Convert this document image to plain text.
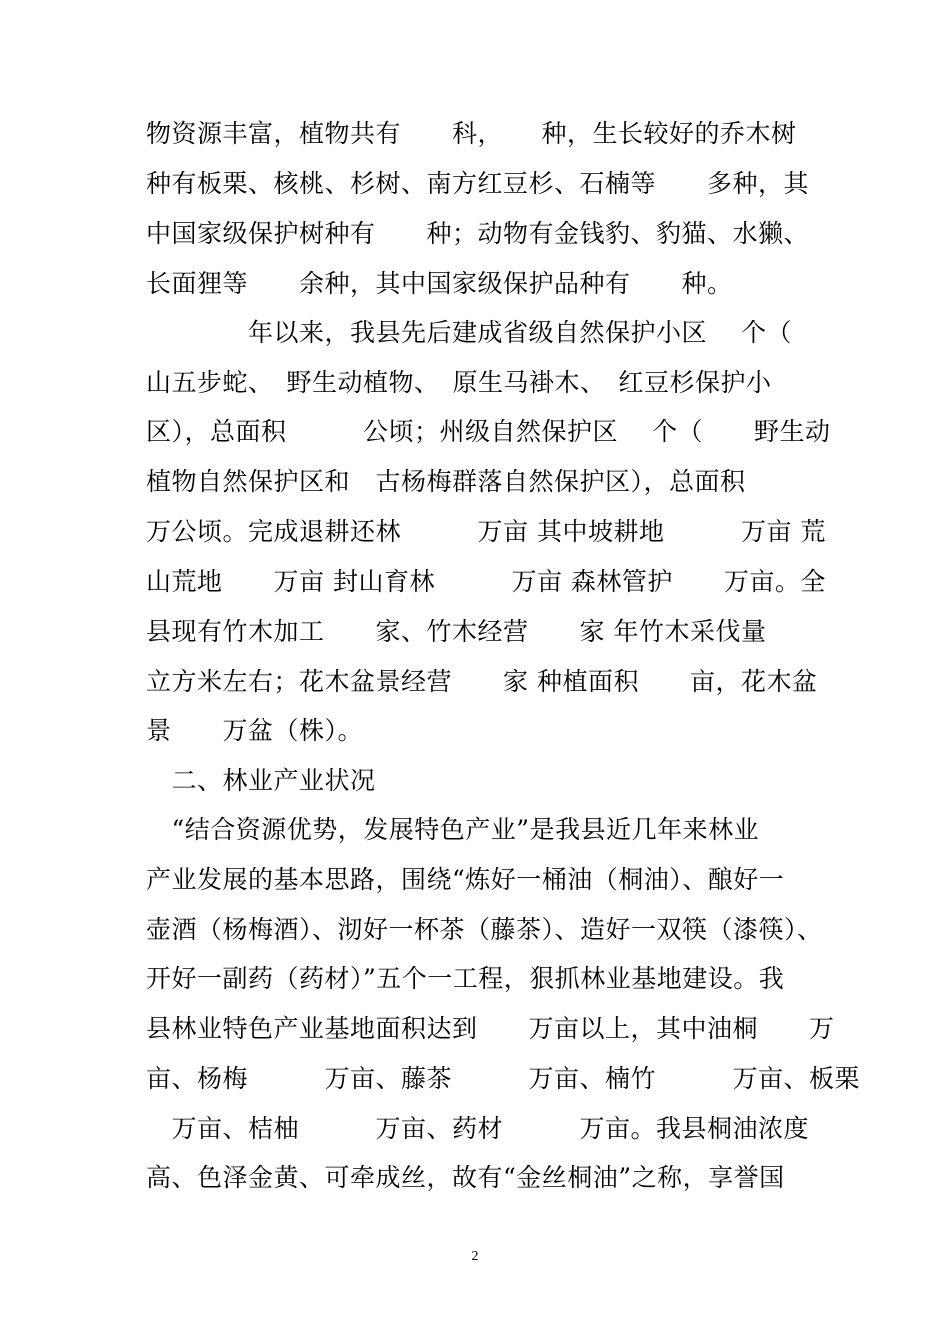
物资源丰富，植物共有　　科，　　种，生长较好的乔木树
种有板栗、核桃、杉树、南方红豆杉、石楠等　　多种，其
中国家级保护树种有　　种；动物有金钱豹、豹猫、水獭、
长面狸等　　余种，其中国家级保护品种有　　种。
　　　　年以来，我县先后建成省级自然保护小区　 个（
山五步蛇、　野生动植物、　原生马褂木、　红豆杉保护小
区），总面积　　　公顷；州级自然保护区　 个（　　野生动
植物自然保护区和　古杨梅群落自然保护区），总面积
万公顷。完成退耕还林　　　万亩 其中坡耕地　　　万亩 荒
山荒地　　万亩 封山育林　　　万亩 森林管护　　万亩。全
县现有竹木加工　　家、竹木经营　　家 年竹木采伐量
立方米左右；花木盆景经营　　家 种植面积　　亩，花木盆
景　　万盆（株）。
　二、林业产业状况
　“结合资源优势，发展特色产业”是我县近几年来林业
产业发展的基本思路，围绕“炼好一桶油（桐油）、酿好一
壶酒（杨梅酒）、沏好一杯茶（藤茶）、造好一双筷（漆筷）、
开好一副药（药材）”五个一工程，狠抓林业基地建设。我
县林业特色产业基地面积达到　　万亩以上，其中油桐　　万
亩、杨梅　　　万亩、藤茶　　　万亩、楠竹　　　万亩、板栗
　万亩、桔柚　　　万亩、药材　　　万亩。我县桐油浓度
高、色泽金黄、可牵成丝，故有“金丝桐油”之称，享誉国
2
